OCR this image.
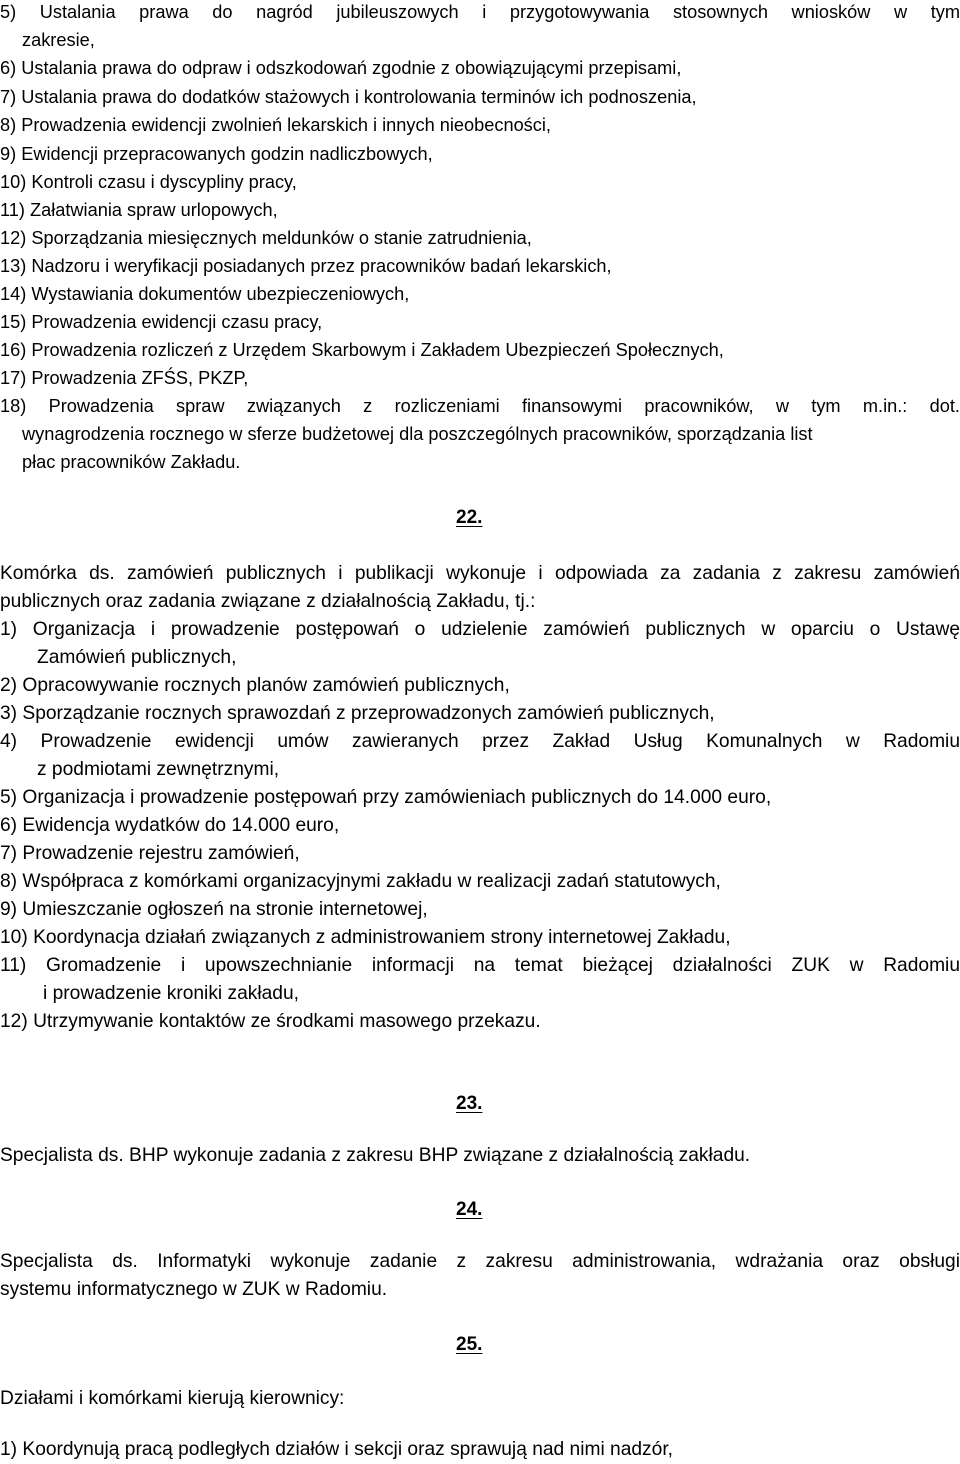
5) Ustalania prawa do nagród jubileuszowych i przygotowywania stosownych wniosków w tym
zakresie,
6) Ustalania prawa do odpraw i odszkodowań zgodnie z obowiązującymi przepisami,
7) Ustalania prawa do dodatków stażowych i kontrolowania terminów ich podnoszenia,
8) Prowadzenia ewidencji zwolnień lekarskich i innych nieobecności,
9) Ewidencji przepracowanych godzin nadliczbowych,
10) Kontroli czasu i dyscypliny pracy,
11) Załatwiania spraw urlopowych,
12) Sporządzania miesięcznych meldunków o stanie zatrudnienia,
13) Nadzoru i weryfikacji posiadanych przez pracowników badań lekarskich,
14) Wystawiania dokumentów ubezpieczeniowych,
15) Prowadzenia ewidencji czasu pracy,
16) Prowadzenia rozliczeń z Urzędem Skarbowym i Zakładem Ubezpieczeń Społecznych,
17) Prowadzenia ZFŚS, PKZP,
18) Prowadzenia spraw związanych z rozliczeniami finansowymi pracowników, w tym m.in.: dot.
wynagrodzenia rocznego w sferze budżetowej dla poszczególnych pracowników, sporządzania list
płac pracowników Zakładu.
22.
Komórka ds. zamówień publicznych i publikacji wykonuje i odpowiada za zadania z zakresu zamówień
publicznych oraz zadania związane z działalnością Zakładu, tj.:
1) Organizacja i prowadzenie postępowań o udzielenie zamówień publicznych w oparciu o Ustawę
Zamówień publicznych,
2) Opracowywanie rocznych planów zamówień publicznych,
3) Sporządzanie rocznych sprawozdań z przeprowadzonych zamówień publicznych,
4) Prowadzenie ewidencji umów zawieranych przez Zakład Usług Komunalnych w Radomiu
z podmiotami zewnętrznymi,
5) Organizacja i prowadzenie postępowań przy zamówieniach publicznych do 14.000 euro,
6) Ewidencja wydatków do 14.000 euro,
7) Prowadzenie rejestru zamówień,
8) Współpraca z komórkami organizacyjnymi zakładu w realizacji zadań statutowych,
9) Umieszczanie ogłoszeń na stronie internetowej,
10) Koordynacja działań związanych z administrowaniem strony internetowej Zakładu,
11) Gromadzenie i upowszechnianie informacji na temat bieżącej działalności ZUK w Radomiu
i prowadzenie kroniki zakładu,
12) Utrzymywanie kontaktów ze środkami masowego przekazu.
23.
Specjalista ds. BHP wykonuje zadania z zakresu BHP związane z działalnością zakładu.
24.
Specjalista ds. Informatyki wykonuje zadanie z zakresu administrowania, wdrażania oraz obsługi
systemu informatycznego w ZUK w Radomiu.
25.
Działami i komórkami kierują kierownicy:
1) Koordynują pracą podległych działów i sekcji oraz sprawują nad nimi nadzór,
